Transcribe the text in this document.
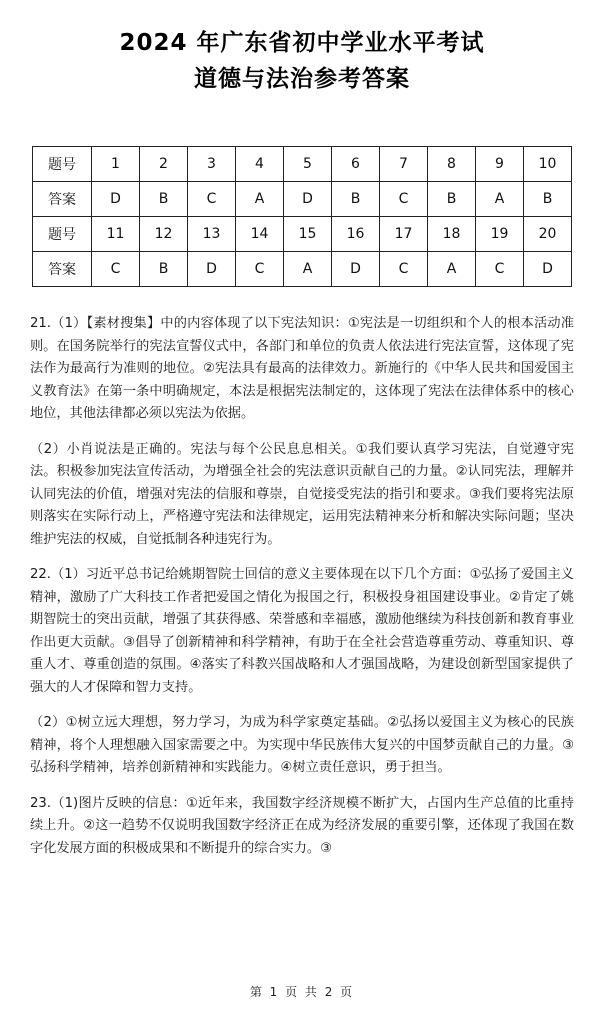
2024 年广东省初中学业水平考试
道德与法治参考答案
题号	1	2	3	4	5	6	7	8	9	10
答案	D	B	C	A	D	B	C	B	A	B
题号	11	12	13	14	15	16	17	18	19	20
答案	C	B	D	C	A	D	C	A	C	D

21.（1）【素材搜集】中的内容体现了以下宪法知识：①宪法是一切组织和个人的根本活动准则。在国务院举行的宪法宣誓仪式中，各部门和单位的负责人依法进行宪法宣誓，这体现了宪法作为最高行为准则的地位。②宪法具有最高的法律效力。新施行的《中华人民共和国爱国主义教育法》在第一条中明确规定，本法是根据宪法制定的，这体现了宪法在法律体系中的核心地位，其他法律都必须以宪法为依据。

（2）小肖说法是正确的。宪法与每个公民息息相关。①我们要认真学习宪法，自觉遵守宪法。积极参加宪法宣传活动，为增强全社会的宪法意识贡献自己的力量。②认同宪法，理解并认同宪法的价值，增强对宪法的信服和尊崇，自觉接受宪法的指引和要求。③我们要将宪法原则落实在实际行动上，严格遵守宪法和法律规定，运用宪法精神来分析和解决实际问题；坚决维护宪法的权威，自觉抵制各种违宪行为。

22.（1）习近平总书记给姚期智院士回信的意义主要体现在以下几个方面：①弘扬了爱国主义精神，激励了广大科技工作者把爱国之情化为报国之行，积极投身祖国建设事业。②肯定了姚期智院士的突出贡献，增强了其获得感、荣誉感和幸福感，激励他继续为科技创新和教育事业作出更大贡献。③倡导了创新精神和科学精神，有助于在全社会营造尊重劳动、尊重知识、尊重人才、尊重创造的氛围。④落实了科教兴国战略和人才强国战略，为建设创新型国家提供了强大的人才保障和智力支持。

（2）①树立远大理想，努力学习，为成为科学家奠定基础。②弘扬以爱国主义为核心的民族精神，将个人理想融入国家需要之中。为实现中华民族伟大复兴的中国梦贡献自己的力量。③弘扬科学精神，培养创新精神和实践能力。④树立责任意识，勇于担当。

23.（1)图片反映的信息：①近年来，我国数字经济规模不断扩大，占国内生产总值的比重持续上升。②这一趋势不仅说明我国数字经济正在成为经济发展的重要引擎，还体现了我国在数字化发展方面的积极成果和不断提升的综合实力。③

第 1 页 共 2 页
